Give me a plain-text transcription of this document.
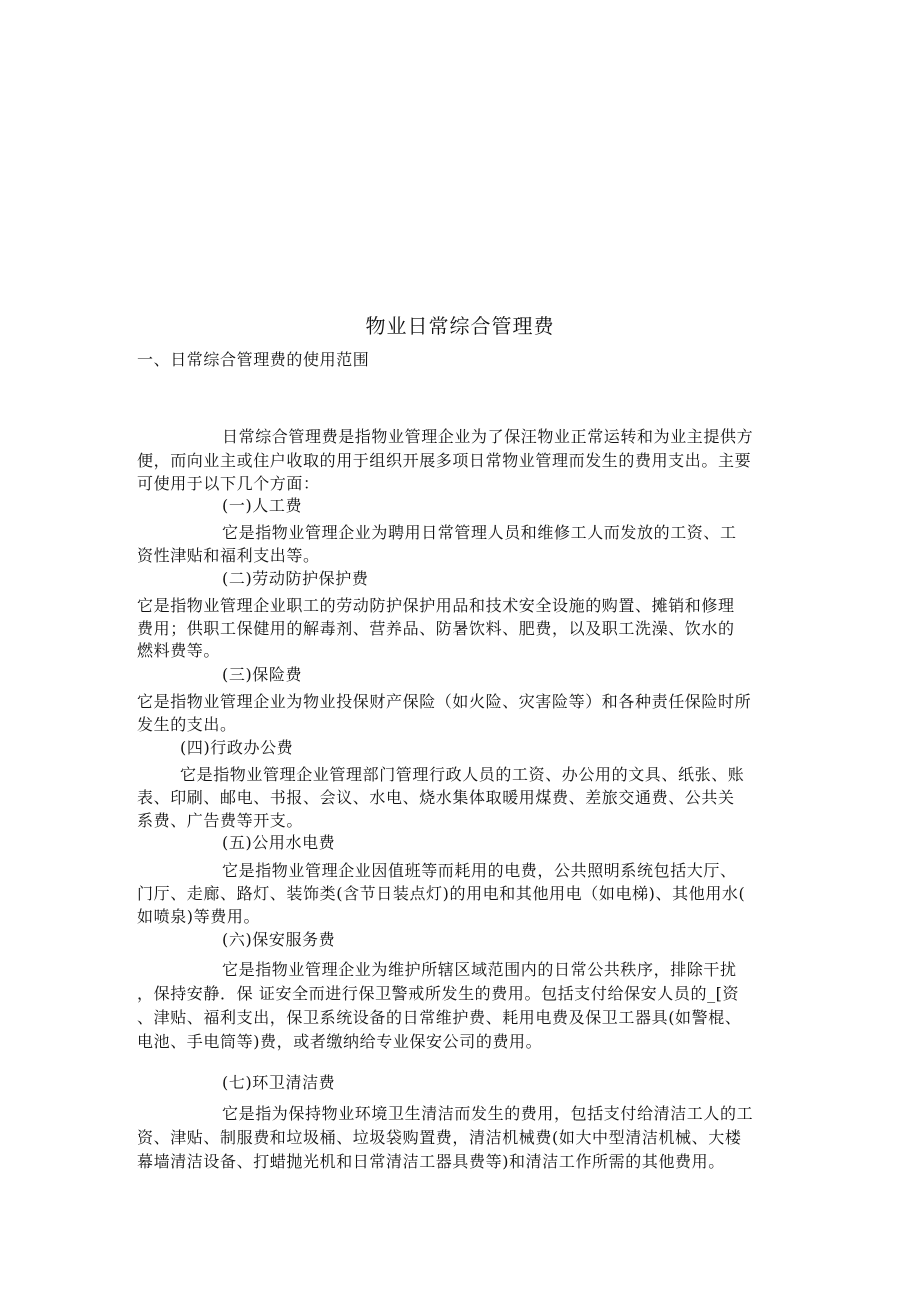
物业日常综合管理费
一、日常综合管理费的使用范围
日常综合管理费是指物业管理企业为了保汪物业正常运转和为业主提供方
便，而向业主或住户收取的用于组织开展多项日常物业管理而发生的费用支出。主要
可使用于以下几个方面：
(一)人工费
它是指物业管理企业为聘用日常管理人员和维修工人而发放的工资、工
资性津贴和福利支出等。
(二)劳动防护保护费
它是指物业管理企业职工的劳动防护保护用品和技术安全设施的购置、摊销和修理
费用；供职工保健用的解毒剂、营养品、防暑饮料、肥费，以及职工洗澡、饮水的
燃料费等。
(三)保险费
它是指物业管理企业为物业投保财产保险（如火险、灾害险等）和各种责任保险时所
发生的支出。
(四)行政办公费
它是指物业管理企业管理部门管理行政人员的工资、办公用的文具、纸张、账
表、印刷、邮电、书报、会议、水电、烧水集体取暖用煤费、差旅交通费、公共关
系费、广告费等开支。
(五)公用水电费
它是指物业管理企业因值班等而耗用的电费，公共照明系统包括大厅、
门厅、走廊、路灯、装饰类(含节日装点灯)的用电和其他用电（如电梯)、其他用水(
如喷泉)等费用。
(六)保安服务费
它是指物业管理企业为维护所辖区域范围内的日常公共秩序，排除干扰
，保持安静．保 证安全而进行保卫警戒所发生的费用。包括支付给保安人员的_[资
、津贴、福利支出，保卫系统设备的日常维护费、耗用电费及保卫工器具(如警棍、
电池、手电筒等)费，或者缴纳给专业保安公司的费用。
(七)环卫清洁费
它是指为保持物业环境卫生清洁而发生的费用，包括支付给清洁工人的工
资、津贴、制服费和垃圾桶、垃圾袋购置费，清洁机械费(如大中型清洁机械、大楼
幕墙清洁设备、打蜡抛光机和日常清洁工器具费等)和清洁工作所需的其他费用。
